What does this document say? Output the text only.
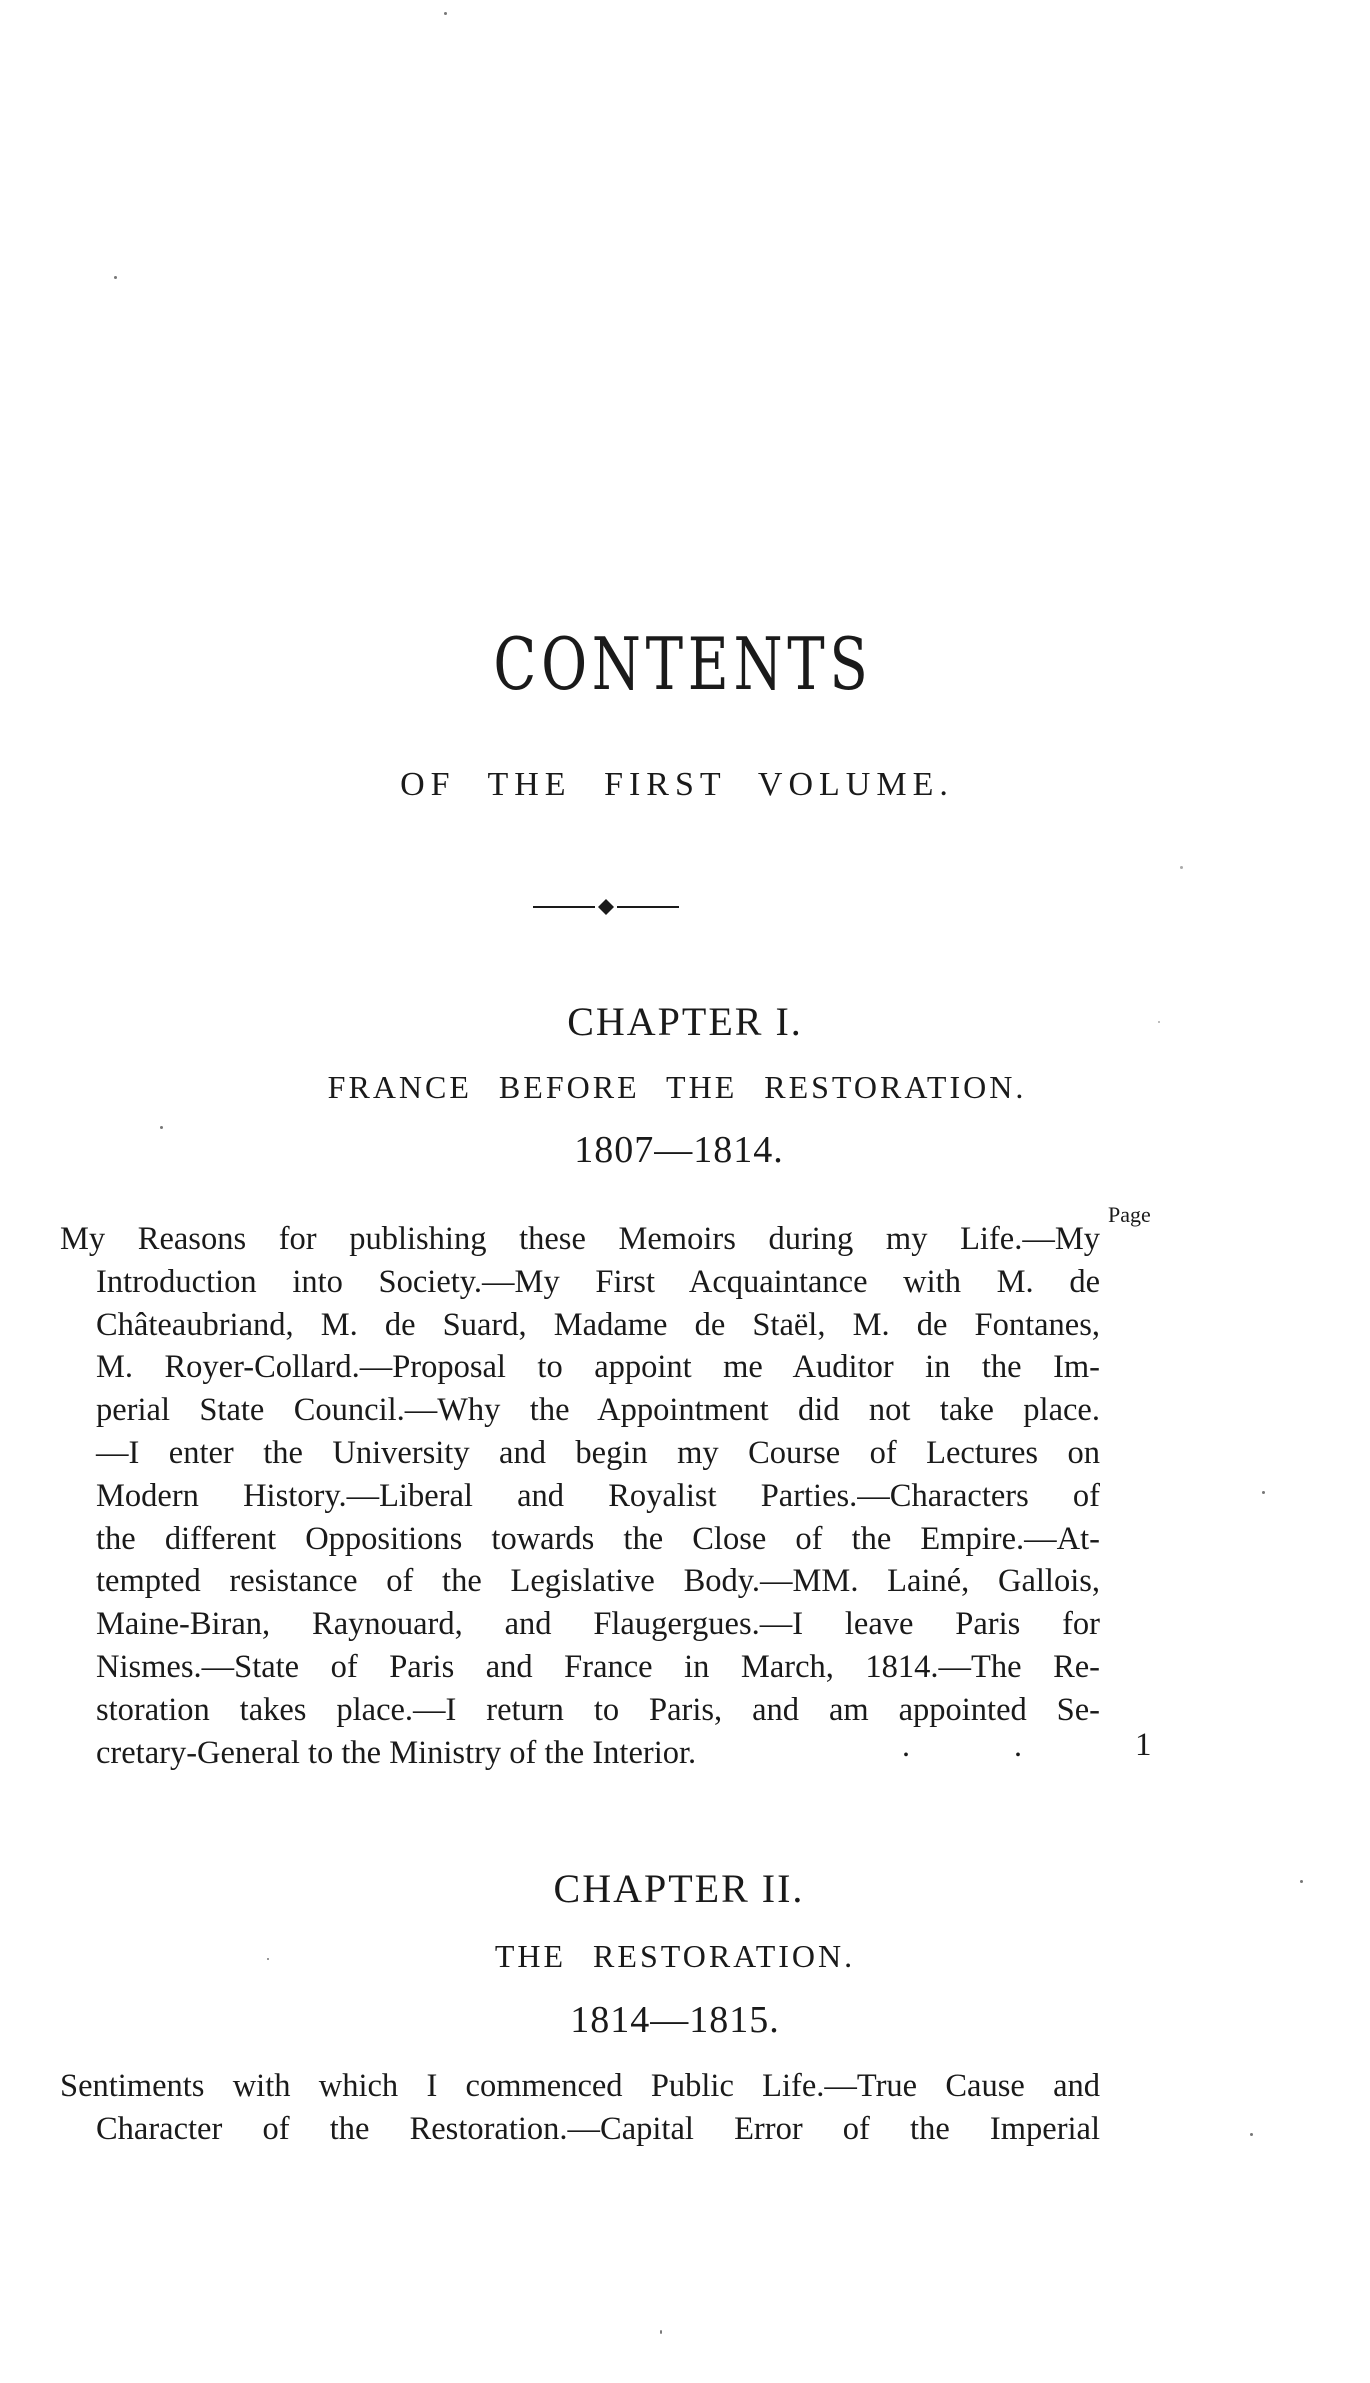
CONTENTS
OF THE FIRST VOLUME.
CHAPTER I.
FRANCE BEFORE THE RESTORATION.
1807—1814.
Page
My Reasons for publishing these Memoirs during my Life.—My
Introduction into Society.—My First Acquaintance with M. de
Châteaubriand, M. de Suard, Madame de Staël, M. de Fontanes,
M. Royer-Collard.—Proposal to appoint me Auditor in the Im-
perial State Council.—Why the Appointment did not take place.
—I enter the University and begin my Course of Lectures on
Modern History.—Liberal and Royalist Parties.—Characters of
the different Oppositions towards the Close of the Empire.—At-
tempted resistance of the Legislative Body.—MM. Lainé, Gallois,
Maine-Biran, Raynouard, and Flaugergues.—I leave Paris for
Nismes.—State of Paris and France in March, 1814.—The Re-
storation takes place.—I return to Paris, and am appointed Se-
cretary-General to the Ministry of the Interior.	. . 1
CHAPTER II.
THE RESTORATION.
1814—1815.
Sentiments with which I commenced Public Life.—True Cause and
Character of the Restoration.—Capital Error of the Imperial
